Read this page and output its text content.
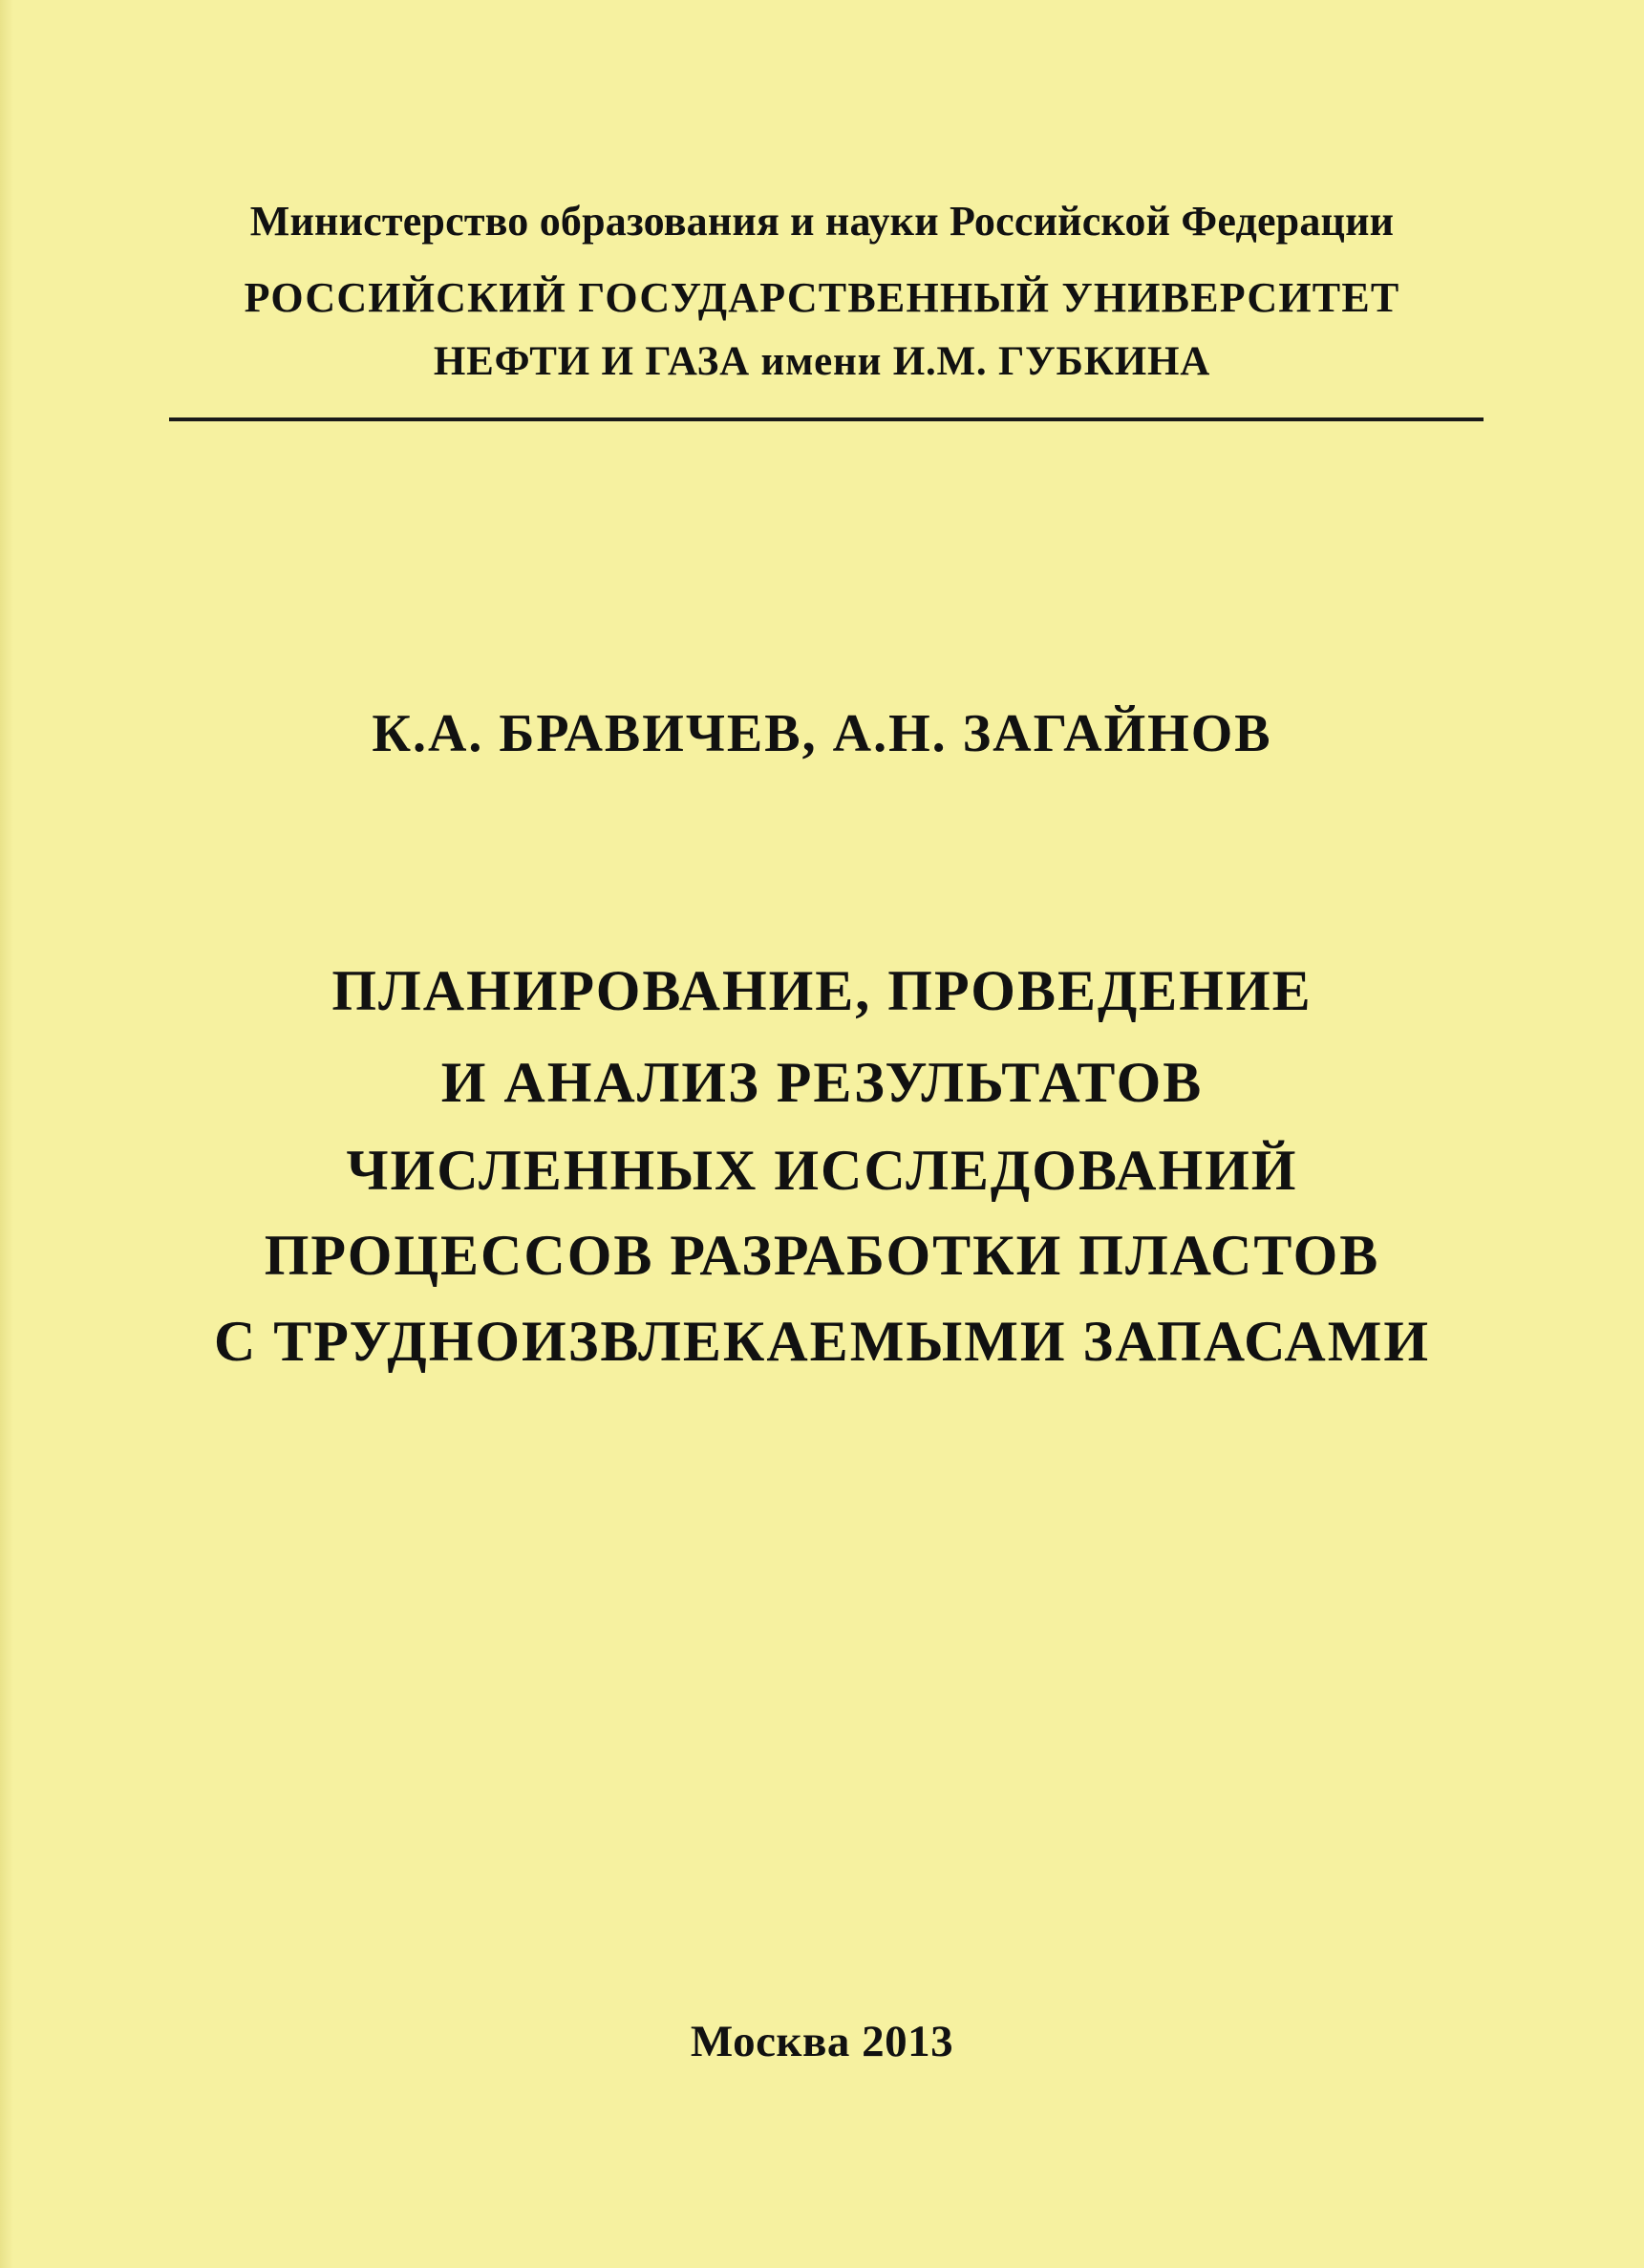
Министерство образования и науки Российской Федерации
РОССИЙСКИЙ ГОСУДАРСТВЕННЫЙ УНИВЕРСИТЕТ
НЕФТИ И ГАЗА имени И.М. ГУБКИНА
К.А. БРАВИЧЕВ, А.Н. ЗАГАЙНОВ
ПЛАНИРОВАНИЕ, ПРОВЕДЕНИЕ
И АНАЛИЗ РЕЗУЛЬТАТОВ
ЧИСЛЕННЫХ ИССЛЕДОВАНИЙ
ПРОЦЕССОВ РАЗРАБОТКИ ПЛАСТОВ
С ТРУДНОИЗВЛЕКАЕМЫМИ ЗАПАСАМИ
Москва 2013
